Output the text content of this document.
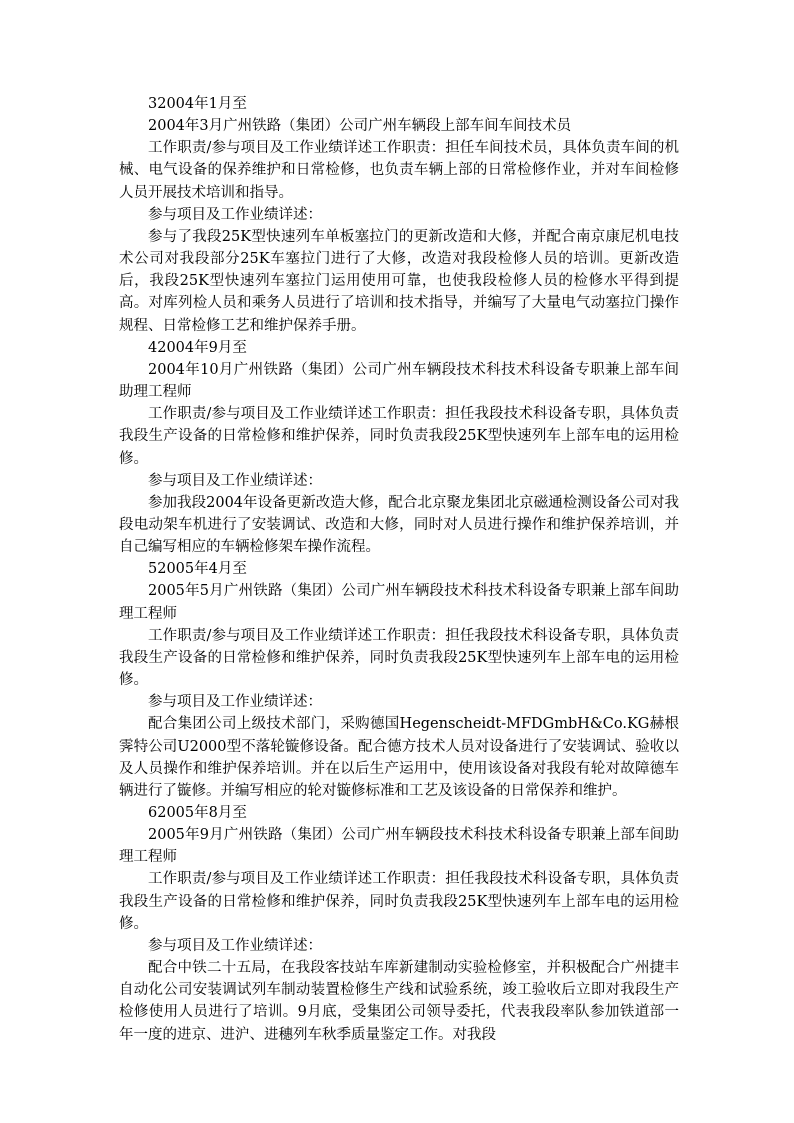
32004年1月至

2004年3月广州铁路（集团）公司广州车辆段上部车间车间技术员

工作职责/参与项目及工作业绩详述工作职责：担任车间技术员，具体负责车间的机械、电气设备的保养维护和日常检修，也负责车辆上部的日常检修作业，并对车间检修人员开展技术培训和指导。

参与项目及工作业绩详述：

参与了我段25K型快速列车单板塞拉门的更新改造和大修，并配合南京康尼机电技术公司对我段部分25K车塞拉门进行了大修，改造对我段检修人员的培训。更新改造后，我段25K型快速列车塞拉门运用使用可靠，也使我段检修人员的检修水平得到提高。对库列检人员和乘务人员进行了培训和技术指导，并编写了大量电气动塞拉门操作规程、日常检修工艺和维护保养手册。

42004年9月至

2004年10月广州铁路（集团）公司广州车辆段技术科技术科设备专职兼上部车间助理工程师

工作职责/参与项目及工作业绩详述工作职责：担任我段技术科设备专职，具体负责我段生产设备的日常检修和维护保养，同时负责我段25K型快速列车上部车电的运用检修。

参与项目及工作业绩详述：

参加我段2004年设备更新改造大修，配合北京聚龙集团北京磁通检测设备公司对我段电动架车机进行了安装调试、改造和大修，同时对人员进行操作和维护保养培训，并自己编写相应的车辆检修架车操作流程。

52005年4月至

2005年5月广州铁路（集团）公司广州车辆段技术科技术科设备专职兼上部车间助理工程师

工作职责/参与项目及工作业绩详述工作职责：担任我段技术科设备专职，具体负责我段生产设备的日常检修和维护保养，同时负责我段25K型快速列车上部车电的运用检修。

参与项目及工作业绩详述：

配合集团公司上级技术部门，采购德国Hegenscheidt-MFDGmbH&Co.KG赫根霁特公司U2000型不落轮镟修设备。配合德方技术人员对设备进行了安装调试、验收以及人员操作和维护保养培训。并在以后生产运用中，使用该设备对我段有轮对故障德车辆进行了镟修。并编写相应的轮对镟修标准和工艺及该设备的日常保养和维护。

62005年8月至

2005年9月广州铁路（集团）公司广州车辆段技术科技术科设备专职兼上部车间助理工程师

工作职责/参与项目及工作业绩详述工作职责：担任我段技术科设备专职，具体负责我段生产设备的日常检修和维护保养，同时负责我段25K型快速列车上部车电的运用检修。

参与项目及工作业绩详述：

配合中铁二十五局，在我段客技站车库新建制动实验检修室，并积极配合广州捷丰自动化公司安装调试列车制动装置检修生产线和试验系统，竣工验收后立即对我段生产检修使用人员进行了培训。9月底，受集团公司领导委托，代表我段率队参加铁道部一年一度的进京、进沪、进穗列车秋季质量鉴定工作。对我段
